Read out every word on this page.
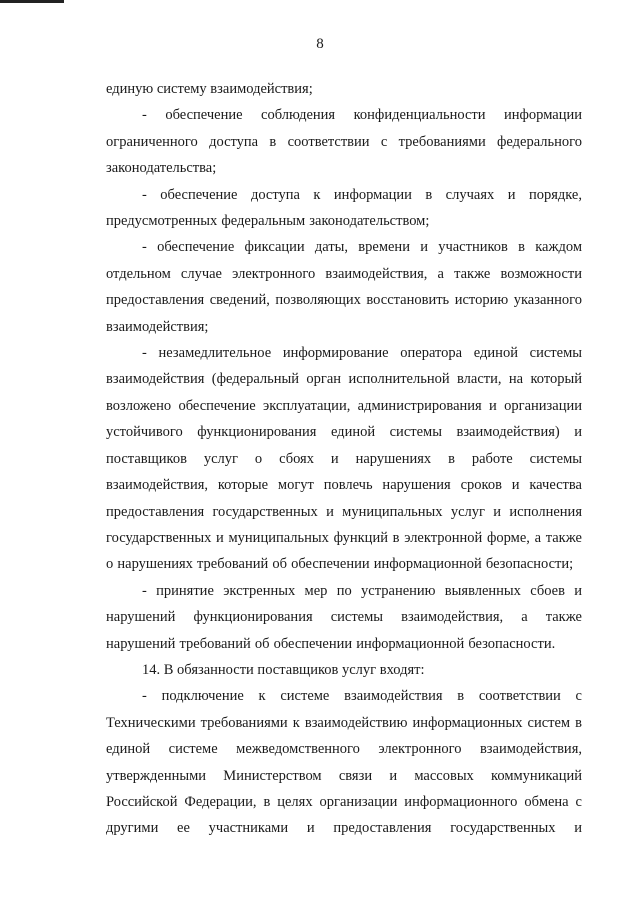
8

единую систему взаимодействия;

- обеспечение соблюдения конфиденциальности информации ограниченного доступа в соответствии с требованиями федерального законодательства;

- обеспечение доступа к информации в случаях и порядке, предусмотренных федеральным законодательством;

- обеспечение фиксации даты, времени и участников в каждом отдельном случае электронного взаимодействия, а также возможности предоставления сведений, позволяющих восстановить историю указанного взаимодействия;

- незамедлительное информирование оператора единой системы взаимодействия (федеральный орган исполнительной власти, на который возложено обеспечение эксплуатации, администрирования и организации устойчивого функционирования единой системы взаимодействия) и поставщиков услуг о сбоях и нарушениях в работе системы взаимодействия, которые могут повлечь нарушения сроков и качества предоставления государственных и муниципальных услуг и исполнения государственных и муниципальных функций в электронной форме, а также о нарушениях требований об обеспечении информационной безопасности;

- принятие экстренных мер по устранению выявленных сбоев и нарушений функционирования системы взаимодействия, а также нарушений требований об обеспечении информационной безопасности.

14. В обязанности поставщиков услуг входят:

- подключение к системе взаимодействия в соответствии с Техническими требованиями к взаимодействию информационных систем в единой системе межведомственного электронного взаимодействия, утвержденными Министерством связи и массовых коммуникаций Российской Федерации, в целях организации информационного обмена с другими ее участниками и предоставления государственных и
